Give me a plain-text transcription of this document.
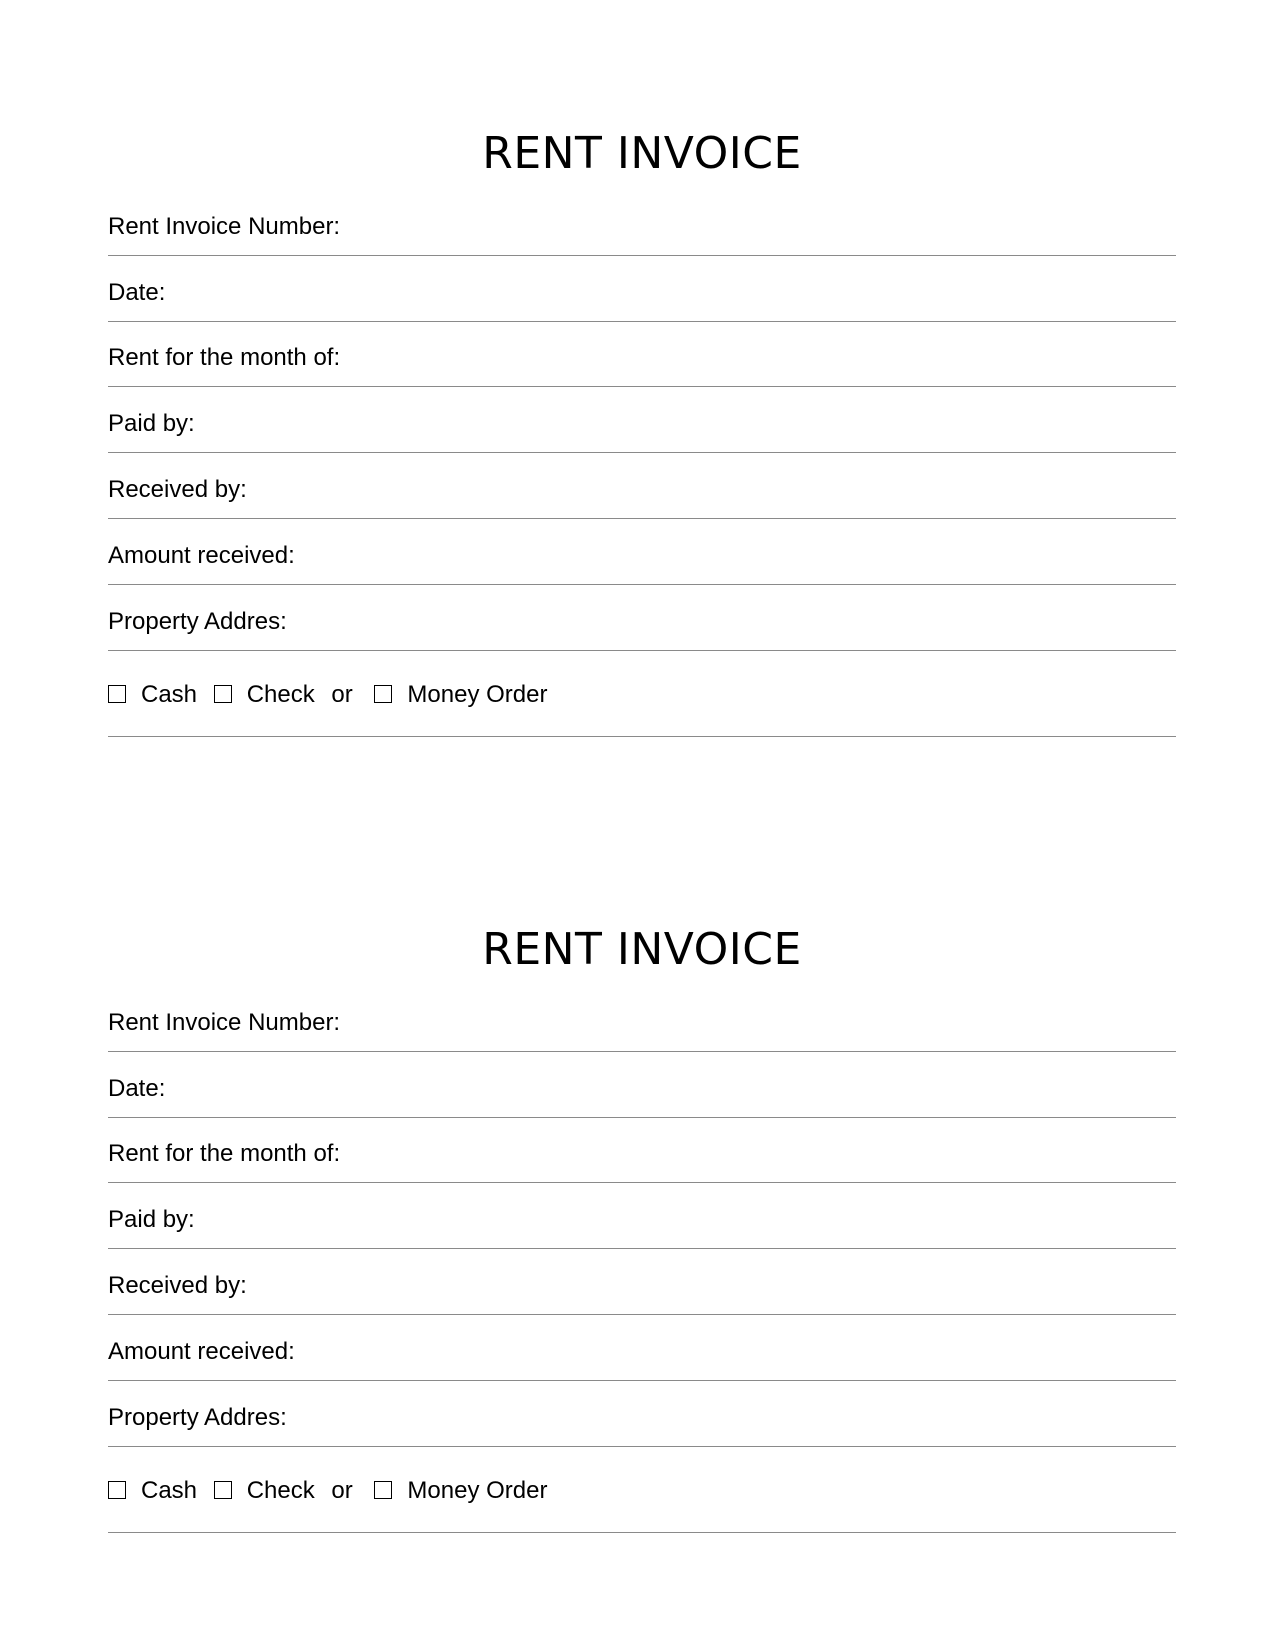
RENT INVOICE
Rent Invoice Number:
Date:
Rent for the month of:
Paid by:
Received by:
Amount received:
Property Addres:
Cash Check or Money Order
RENT INVOICE
Rent Invoice Number:
Date:
Rent for the month of:
Paid by:
Received by:
Amount received:
Property Addres:
Cash Check or Money Order
